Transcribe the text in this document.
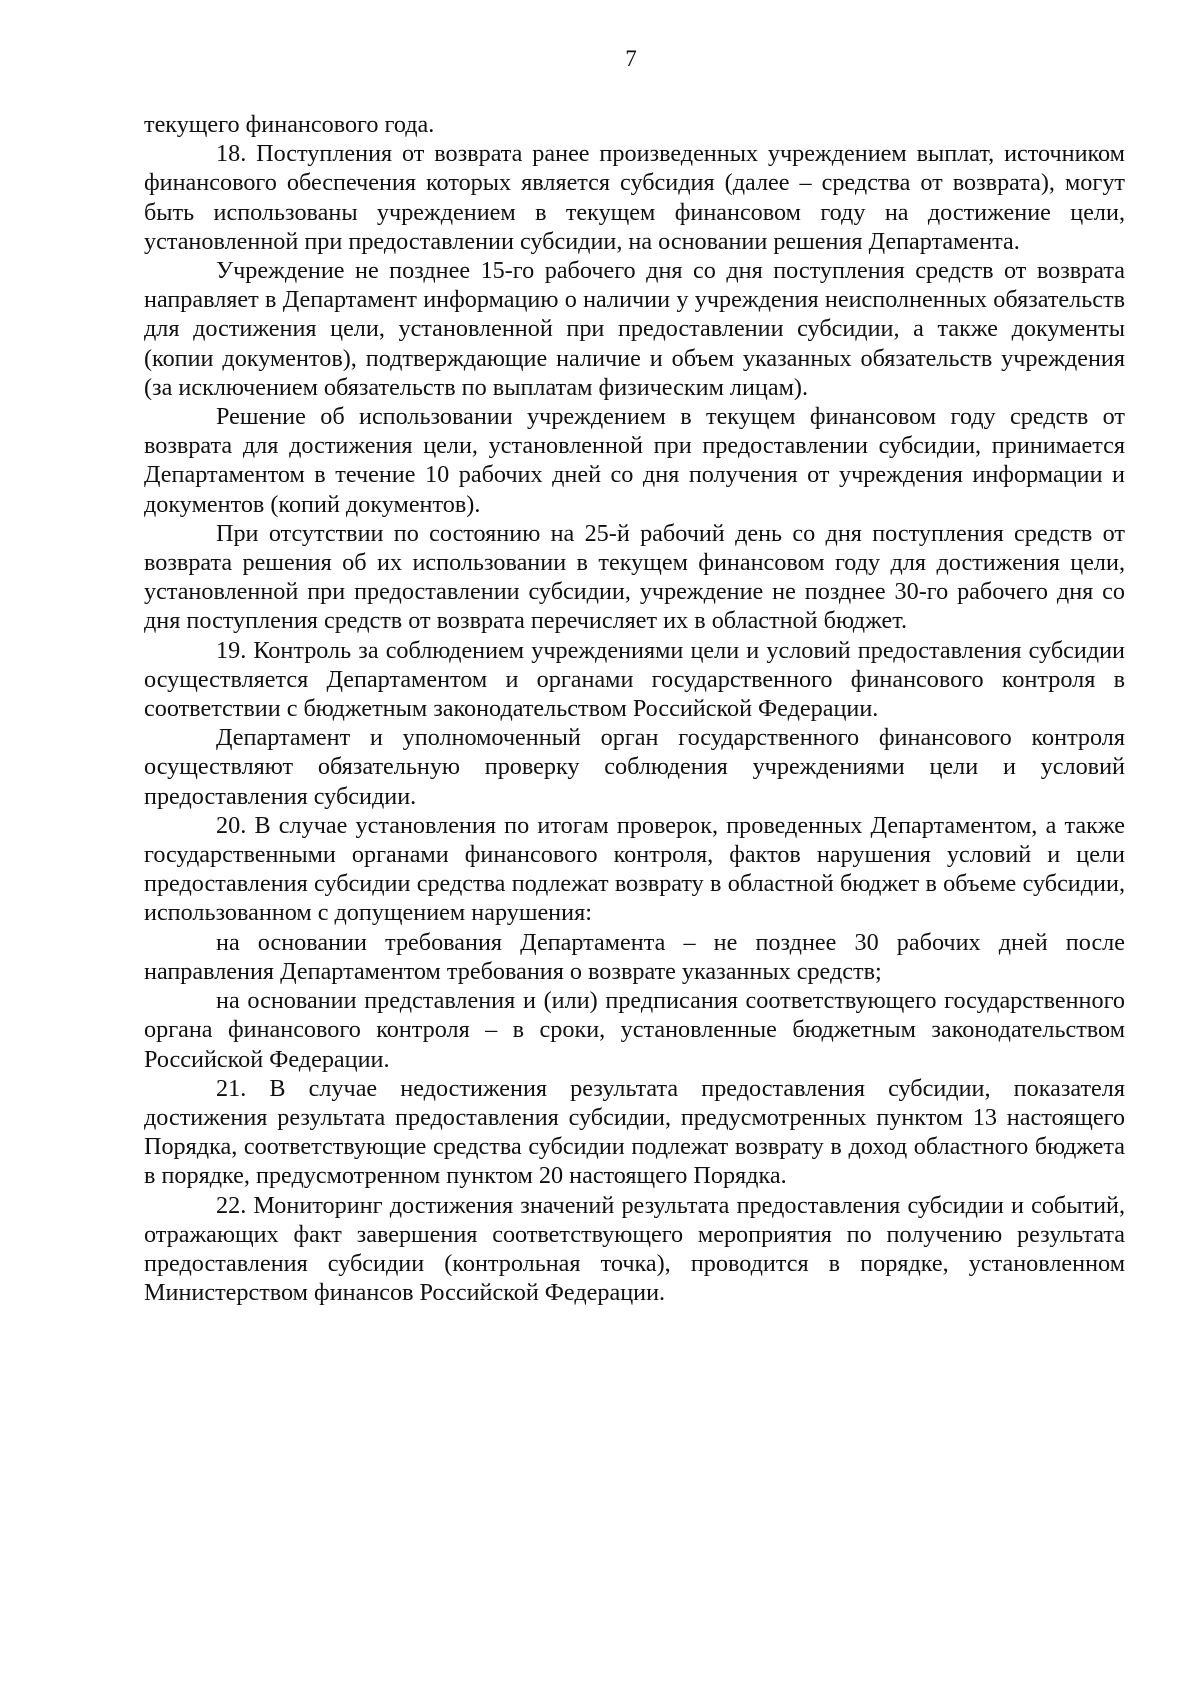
7

текущего финансового года.

18. Поступления от возврата ранее произведенных учреждением выплат, источником финансового обеспечения которых является субсидия (далее – средства от возврата), могут быть использованы учреждением в текущем финансовом году на достижение цели, установленной при предоставлении субсидии, на основании решения Департамента.

Учреждение не позднее 15-го рабочего дня со дня поступления средств от возврата направляет в Департамент информацию о наличии у учреждения неисполненных обязательств для достижения цели, установленной при предоставлении субсидии, а также документы (копии документов), подтверждающие наличие и объем указанных обязательств учреждения (за исключением обязательств по выплатам физическим лицам).

Решение об использовании учреждением в текущем финансовом году средств от возврата для достижения цели, установленной при предоставлении субсидии, принимается Департаментом в течение 10 рабочих дней со дня получения от учреждения информации и документов (копий документов).

При отсутствии по состоянию на 25-й рабочий день со дня поступления средств от возврата решения об их использовании в текущем финансовом году для достижения цели, установленной при предоставлении субсидии, учреждение не позднее 30-го рабочего дня со дня поступления средств от возврата перечисляет их в областной бюджет.

19. Контроль за соблюдением учреждениями цели и условий предоставления субсидии осуществляется Департаментом и органами государственного финансового контроля в соответствии с бюджетным законодательством Российской Федерации.

Департамент и уполномоченный орган государственного финансового контроля осуществляют обязательную проверку соблюдения учреждениями цели и условий предоставления субсидии.

20. В случае установления по итогам проверок, проведенных Департаментом, а также государственными органами финансового контроля, фактов нарушения условий и цели предоставления субсидии средства подлежат возврату в областной бюджет в объеме субсидии, использованном с допущением нарушения:

на основании требования Департамента – не позднее 30 рабочих дней после направления Департаментом требования о возврате указанных средств;

на основании представления и (или) предписания соответствующего государственного органа финансового контроля – в сроки, установленные бюджетным законодательством Российской Федерации.

21. В случае недостижения результата предоставления субсидии, показателя достижения результата предоставления субсидии, предусмотренных пунктом 13 настоящего Порядка, соответствующие средства субсидии подлежат возврату в доход областного бюджета в порядке, предусмотренном пунктом 20 настоящего Порядка.

22. Мониторинг достижения значений результата предоставления субсидии и событий, отражающих факт завершения соответствующего мероприятия по получению результата предоставления субсидии (контрольная точка), проводится в порядке, установленном Министерством финансов Российской Федерации.
